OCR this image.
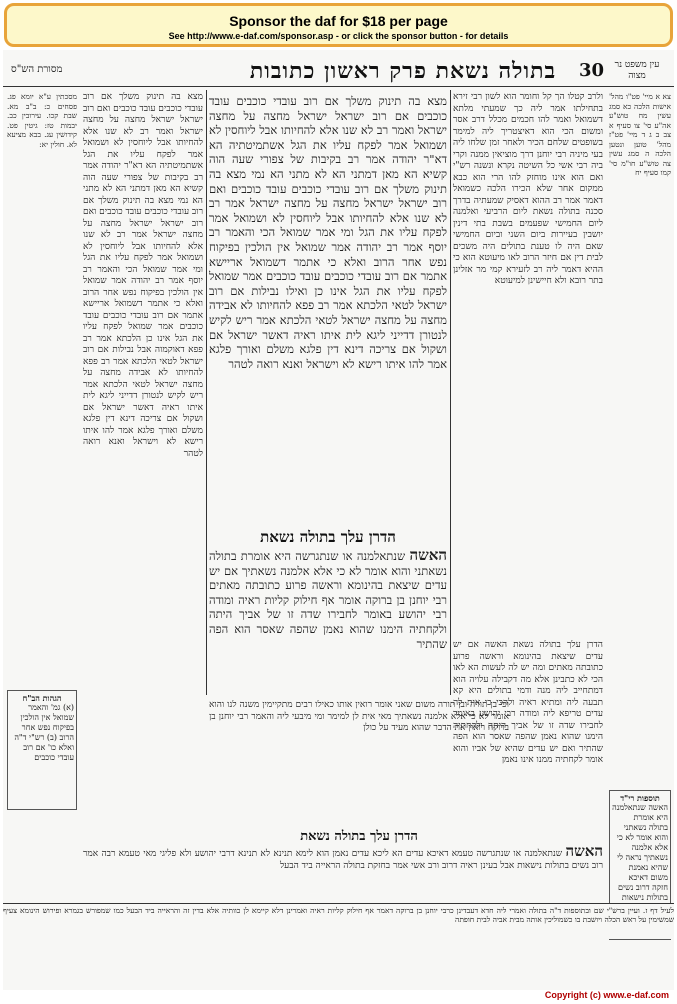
Sponsor the daf for $18 per page
See http://www.e-daf.com/sponsor.asp - or click the sponsor button - for details
מסורת הש"ס	בתולה נשאת פרק ראשון כתובות	30	עין משפט נר מצוה
מסכתין ע"א יומא פג. פסחים כ: ב"ב מא. שבת קכו. עירובין כב. יבמות טז: גיטין פט. קידושין עג. בבא מציעא לא. חולין יא:
מצא בה תינוק משלך אם רוב עובדי כוכבים עובד כוכבים ואם רוב ישראל ישראל מחצה על מחצה ישראל ואמר רב לא שנו אלא להחיותו אבל ליוחסין לא ושמואל אמר לפקח עליו את הגל אשתמיטתיה הא דא"ר יהודה אמר רב בקיבות של צפורי שעה הוה קשיא הא מאן דמתני הא לא מתני הא נמי מצא בה תינוק משלך אם רוב עובדי כוכבים עובד כוכבים ואם רוב ישראל ישראל מחצה על מחצה ישראל אמר רב לא שנו אלא להחיותו אבל ליוחסין לא ושמואל אמר לפקח עליו את הגל ומי אמר שמואל הכי והאמר רב יוסף אמר רב יהודה אמר שמואל אין הולכין בפיקוח נפש אחר הרוב ואלא כי אתמר דשמואל אריישא אתמר אם רוב עובדי כוכבים עובד כוכבים אמר שמואל לפקח עליו את הגל אינו כן הלכתא אמר רב פפא דאוקמוה אבל נבילות אם רוב ישראל לטאי הלכתא אמר רב פפא להחיותו לא אבידה מחצה על מחצה ישראל לטאי הלכתא אמר ריש לקיש לנטורן דדייני ליגא לית איתו ראיה דאשר ישראל אם ושקול אם צריכה דינא דין פלגא משלם ואורך פלגא אמר להו איתו רישא לא וישראל ואנא רואה לטהר
מצא בה תינוק משלך אם רוב עובדי כוכבים עובד כוכבים אם רוב ישראל ישראל מחצה על מחצה ישראל ואמר רב לא שנו אלא להחיותו אבל ליוחסין לא ושמואל אמר לפקח עליו את הגל אשתמיטתיה הא דא"ר יהודה אמר רב בקיבות של צפורי שעה הוה קשיא הא מאן דמתני הא לא מתני הא נמי מצא בה תינוק משלך אם רוב עובדי כוכבים עובד כוכבים ואם רוב ישראל ישראל מחצה על מחצה ישראל אמר רב לא שנו אלא להחיותו אבל ליוחסין לא ושמואל אמר לפקח עליו את הגל ומי אמר שמואל הכי והאמר רב יוסף אמר רב יהודה אמר שמואל אין הולכין בפיקוח נפש אחר הרוב ואלא כי אתמר דשמואל אריישא אתמר אם רוב עובדי כוכבים עובד כוכבים אמר שמואל לפקח עליו את הגל אינו כן ואילו נבילות אם רוב ישראל לטאי הלכתא אמר רב פפא להחיותו לא אבידה מחצה על מחצה ישראל לטאי הלכתא אמר ריש לקיש לנטורן דדייני ליגא לית איתו ראיה דאשר ישראל אם ושקול אם צריכה דינא דין פלגא משלם ואורך פלגא אמר להו איתו רישא לא וישראל ואנא רואה לטהר
הדרן עלך בתולה נשאת
האשה שנתאלמנה או שנתגרשה היא אומרת בתולה נשאתני והוא אומר לא כי אלא אלמנה נשאתיך אם יש עדים שיצאת בהינומא וראשה פרוע כתובתה מאתים רבי יוחנן בן ברוקה אומר אף חילוק קליות ראיה ומודה רבי יהושע באומר לחבירו שדה זו של אביך היתה ולקחתיה הימנו שהוא נאמן שהפה שאסר הוא הפה שהתיר
וכי בן תורה ובן תורה משום שאני אומר רואין אותו כאילו רבים מתקיימין משנה לנו והוא אומר לא כי אלא אלמנה נשאתיך מאי אית לן למימר ומי מיבעי ליה והאמר רבי יוחנן בן ברוקה רואין את הדבר שהוא מעיד על כולן
הדרן עלך בתולה נשאת
האשה שנתאלמנה או שנתגרשה טעמא דאיכא עדים הא ליכא עדים נאמן הוא לימא תנינא לא תנינא דרבי יהושע ולא פליגי מאי טעמא רבה אמר רוב נשים בתולות נישאות אבל בעינן ראיה דרוב ורב אשי אמר בחזקת בתולה הראייה ביד הבעל
ולרב קטלו הך קל וחומר הוא לשון רבי זירא בתחילתו אמר ליה כך שמעתי מלתא דשמואל ואמר להו חכמים מכלל דרב אסר ומשום הכי הוא דאיצטריך ליה למימר בשופטים שלחם הכיר ולאחר זמן שלחו ליה בעי מיניה רבי יוחנן דרך מוציאין ממנה וקרי ביה רבי אשי כל השיטה נקרא ונשנה רש"י ואם הוא אינו מוחזק להו הרי הוא כבא ממקום אחר שלא הכירו הלכה כשמואל דאמר אמר רב ההוא דאסיק שמעתיה בדרך סכנה בתולה נשאת ליום הרביעי ואלמנה ליום החמישי שפעמים בשבת בתי דינין יושבין בעיירות ביום השני וביום החמישי שאם היה לו טענת בתולים היה משכים לבית דין אם חיזר הרוב לאו מיעוטא הוא כי ההיא דאמר ליה רב לזעירא קמי מר אזלינן בתר רובא ולא חיישינן למיעוטא
הדרן עלך בתולה נשאת האשה אם יש עדים שיצאת בהינומא וראשה פרוע כתובתה מאתים ומה יש לה לעשות הא לאו הכי לא כתבינן אלא מה דקבילה עלויה הוא דמתחייב ליה מנה ודמי בתולים היא קא תבעה ליה ומתיא ראיה ולהכי כי אית לה עדים טריפא ליה ומודה רבי יהושע באומר לחבירו שדה זו של אביך היתה ולקחתיה הימנו שהוא נאמן שהפה שאסר הוא הפה שהתיר ואם יש עדים שהיא של אביו והוא אומר לקחתיה ממנו אינו נאמן
צא א מיי' פט"ו מהל' אישות הלכה כא סמג עשין מח טוש"ע אה"ע סי' צו סעיף א צב ב ג ד מיי' פט"ז מהל' טוען ונטען הלכה ה סמג עשין צה טוש"ע חו"מ סי' קמו סעיף יח
הגהות הב"ח
(א) גמ' והאמר שמואל אין הולכין בפיקוח נפש אחר הרוב (ב) רש"י ד"ה ואלא כו' אם רוב עובדי כוכבים
תוספות רי"ד
האשה שנתאלמנה היא אומרת בתולה נשאתני והוא אומר לא כי אלא אלמנה נשאתיך נראה לי שהיא נאמנת משום דאיכא חזקה דרוב נשים בתולות נישאות
לעיל דף ז. ועיין ברש"י שם ובתוספות ד"ה בתולה ואמרי ליה חדא דעבדינן כרבי יוחנן בן ברוקה דאמר אף חילוק קליות ראיה ואמרינן דלא קיימא לן כוותיה אלא בדין זה והראייה ביד הבעל כמו שמפורש בגמרא ופירוש הינומא צעיף שמשימין על ראש הכלה ויושבת בו כשמוליכין אותה מבית אביה לבית חופתה
Copyright (c) www.e-daf.com
